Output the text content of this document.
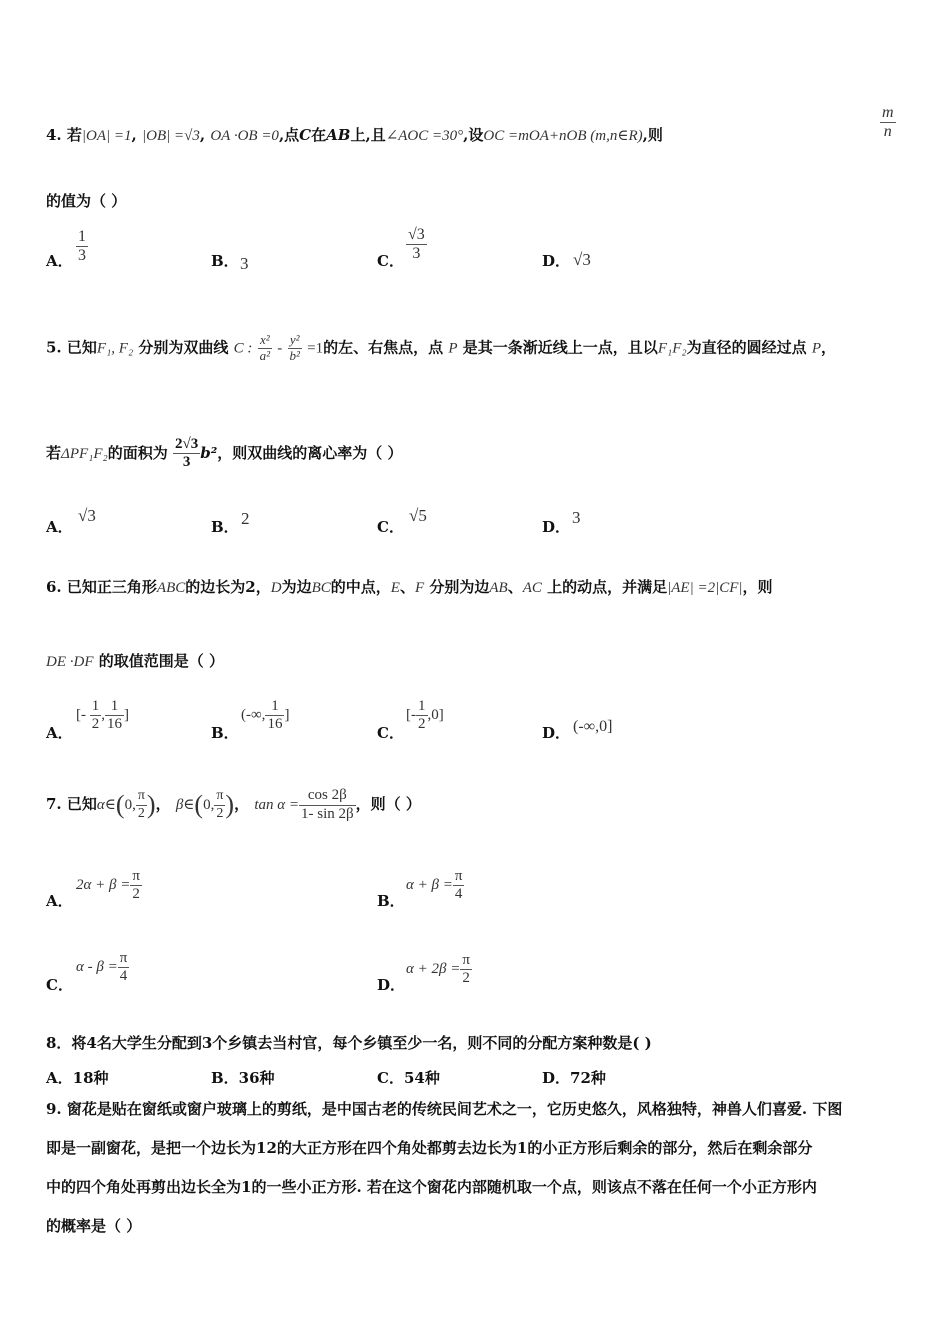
4. 若|OA| =1, |OB| =√3, OA ·OB =0,点C在AB上,且∠AOC =30°,设OC =mOA+nOB (m,n∈R),则	$\frac{m}{n}$
的值为（ ）
A． $\frac{1}{3}$	B． 3	C． $\frac{√3}{3}$	D． √3
5. 已知F₁, F₂ 分别为双曲线 C : $\frac{\text{x²}}{\text{a²}} - \frac{\text{y²}}{\text{b²}} =1$的左、右焦点，点 P 是其一条渐近线上一点，且以F₁F₂为直径的圆经过点 P，
若ΔPF₁F₂的面积为 $\frac{2√3}{3} b^2$，则双曲线的离心率为（ ）
A．
√3
B． 2	C．
√5
D． 3
6. 已知正三角形ABC的边长为2，D为边BC的中点，E、F 分别为边AB、AC 上的动点，并满足|AE| =2|CF|，则
DE ·DF 的取值范围是（ ）
A．
[- $\frac{1}{2}$ , $\frac{1}{16}$ ]
B．
(-∞, $\frac{1}{16}$ ]
C．
[- $\frac{1}{2} ,0$]
D． (-∞,0]
7. 已知α∈(0, $\frac{\pi}{2}$ )， β∈(0, $\frac{\pi}{2}$ )， $\tan \alpha = \frac{\cos 2\beta}{1- \sin 2\beta}$ ，则（ ）
A．
$2\alpha + \beta = \frac{\pi}{2}$	B．
$\alpha + \beta = \frac{\pi}{4}$
C．
$\alpha - \beta = \frac{\pi}{4}$	D．
$\alpha + 2\beta = \frac{\pi}{2}$
8．将4名大学生分配到3个乡镇去当村官，每个乡镇至少一名，则不同的分配方案种数是( )
A．18种	B．36种	C．54种	D．72种
9. 窗花是贴在窗纸或窗户玻璃上的剪纸，是中国古老的传统民间艺术之一，它历史悠久，风格独特，神兽人们喜爱. 下图
即是一副窗花，是把一个边长为12的大正方形在四个角处都剪去边长为1的小正方形后剩余的部分，然后在剩余部分
中的四个角处再剪出边长全为1的一些小正方形. 若在这个窗花内部随机取一个点，则该点不落在任何一个小正方形内
的概率是（ ）
